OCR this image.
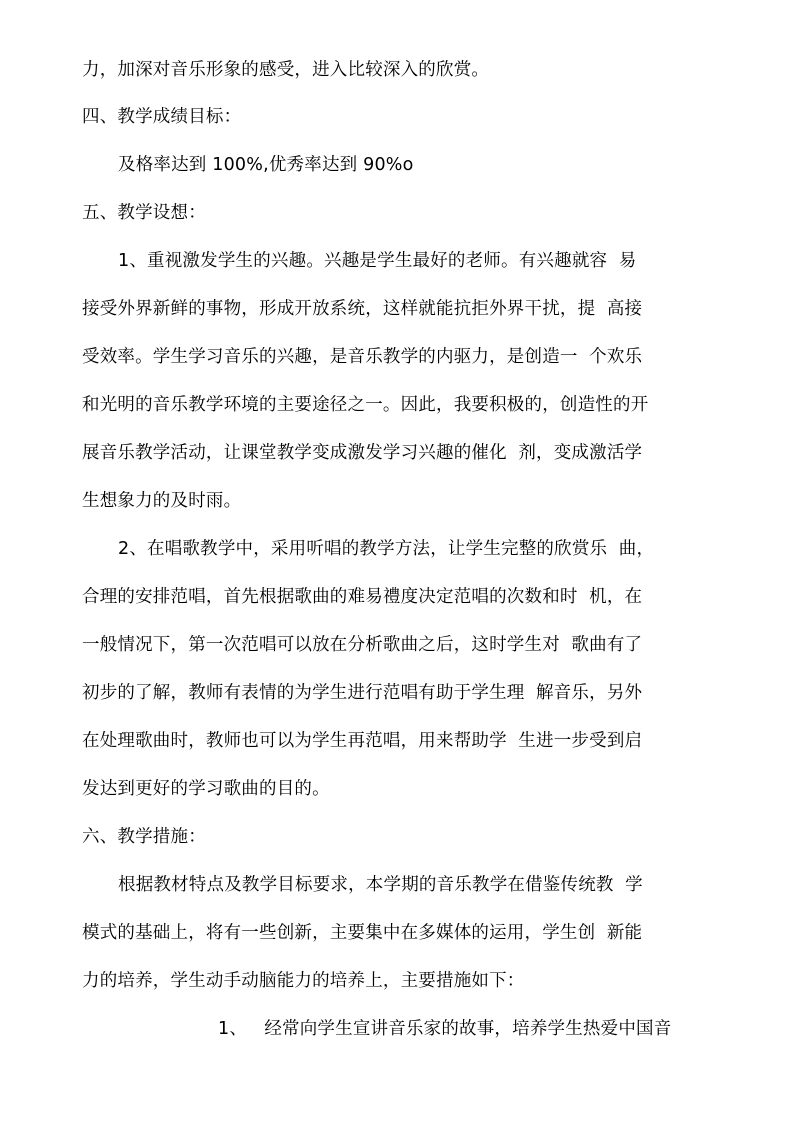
力，加深对音乐形象的感受，进入比较深入的欣赏。
四、教学成绩目标：
及格率达到 100%,优秀率达到 90%o
五、教学设想：
1、重视激发学生的兴趣。兴趣是学生最好的老师。有兴趣就容  易
接受外界新鲜的事物，形成开放系统，这样就能抗拒外界干扰，提  高接
受效率。学生学习音乐的兴趣，是音乐教学的内驱力，是创造一  个欢乐
和光明的音乐教学环境的主要途径之一。因此，我要积极的，创造性的开
展音乐教学活动，让课堂教学变成激发学习兴趣的催化  剂，变成激活学
生想象力的及时雨。
2、在唱歌教学中，采用听唱的教学方法，让学生完整的欣赏乐  曲，
合理的安排范唱，首先根据歌曲的难易禮度决定范唱的次数和时  机，在
一般情况下，第一次范唱可以放在分析歌曲之后，这时学生对  歌曲有了
初步的了解，教师有表情的为学生进行范唱有助于学生理  解音乐，另外
在处理歌曲时，教师也可以为学生再范唱，用来帮助学  生进一步受到启
发达到更好的学习歌曲的目的。
六、教学措施：
根据教材特点及教学目标要求，本学期的音乐教学在借鉴传统教  学
模式的基础上，将有一些创新，主要集中在多媒体的运用，学生创  新能
力的培养，学生动手动脑能力的培养上，主要措施如下：
1、   经常向学生宣讲音乐家的故事，培养学生热爱中国音
